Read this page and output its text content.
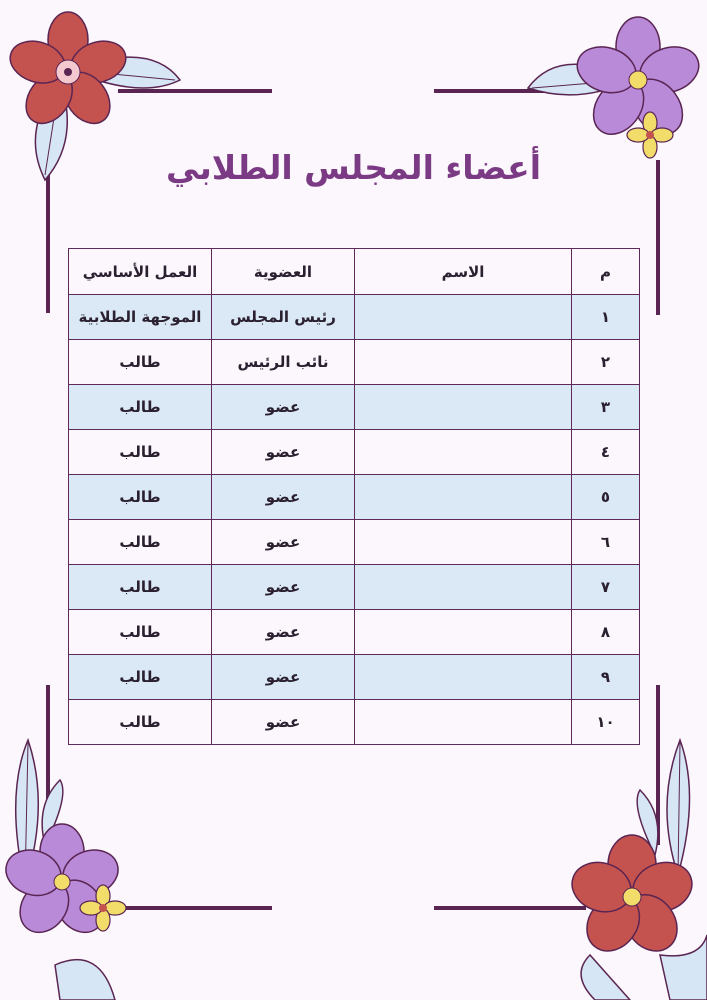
أعضاء المجلس الطلابي
م	الاسم	العضوية	العمل الأساسي
١		رئيس المجلس	الموجهة الطلابية
٢		نائب الرئيس	طالب
٣		عضو	طالب
٤		عضو	طالب
٥		عضو	طالب
٦		عضو	طالب
٧		عضو	طالب
٨		عضو	طالب
٩		عضو	طالب
١٠		عضو	طالب
